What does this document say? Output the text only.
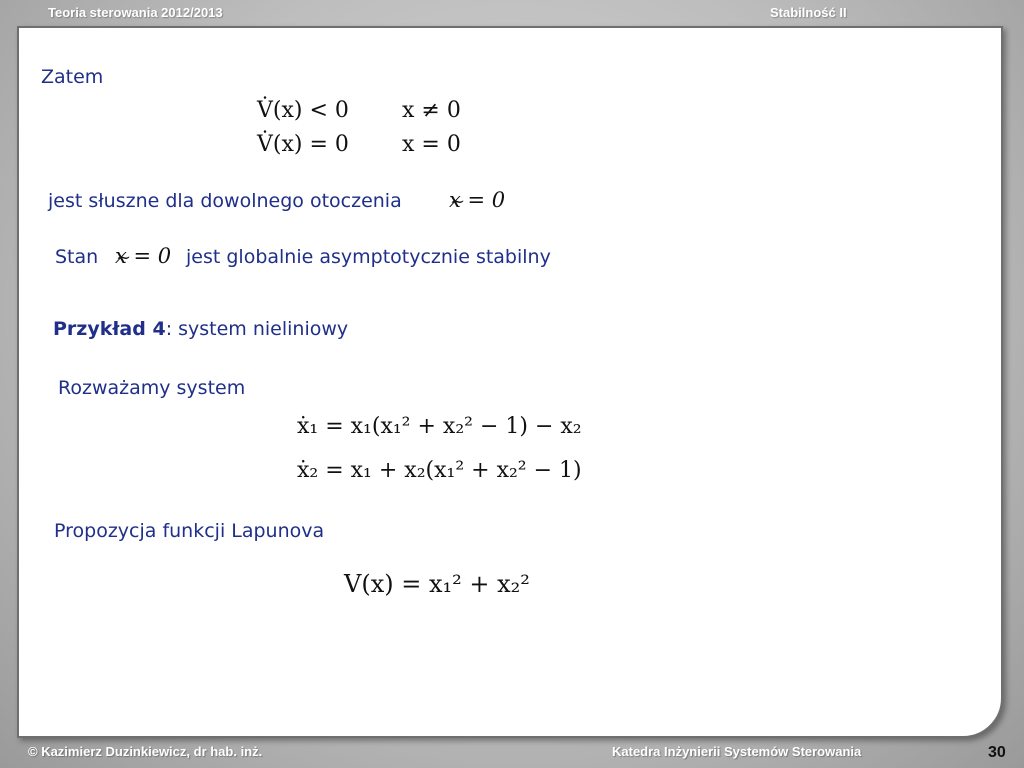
Teoria sterowania 2012/2013	Stabilność II
Zatem
V̇(x) < 0 x ≠ 0
V̇(x) = 0 x = 0
jest słuszne dla dowolnego otoczenia x = 0
Stan x = 0 jest globalnie asymptotycznie stabilny
Przykład 4: system nieliniowy
Rozważamy system
ẋ₁ = x₁(x₁² + x₂² − 1) − x₂
ẋ₂ = x₁ + x₂(x₁² + x₂² − 1)
Propozycja funkcji Lapunova
V(x) = x₁² + x₂²
© Kazimierz Duzinkiewicz, dr hab. inż.	Katedra Inżynierii Systemów Sterowania	30
